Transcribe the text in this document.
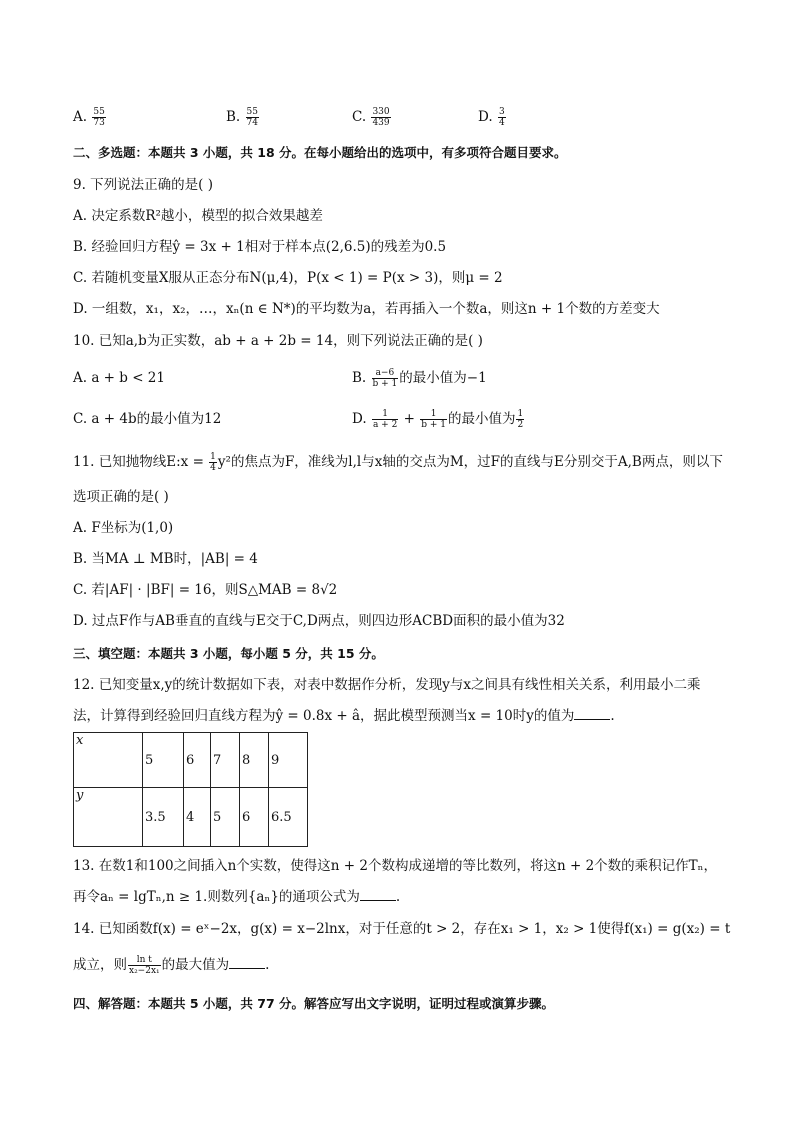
A. $\frac{55}{73}$	B. $\frac{55}{74}$	C. $\frac{330}{439}$	D. $\frac{3}{4}$
二、多选题：本题共 3 小题，共 18 分。在每小题给出的选项中，有多项符合题目要求。
9. 下列说法正确的是( )
A. 决定系数R²越小，模型的拟合效果越差
B. 经验回归方程ŷ = 3x + 1相对于样本点(2,6.5)的残差为0.5
C. 若随机变量X服从正态分布N(μ,4)，P(x < 1) = P(x > 3)，则μ = 2
D. 一组数，x₁，x₂，…，xₙ(n ∈ N*)的平均数为a，若再插入一个数a，则这n + 1个数的方差变大
10. 已知a,b为正实数，ab + a + 2b = 14，则下列说法正确的是( )
A. a + b < 21	B. $\frac{a-6}{b + 1}$ 的最小值为−1
C. a + 4b的最小值为12	D. $\frac{1}{a + 2} + \frac{1}{b + 1}$ 的最小值为 $\frac{1}{2}$
11. 已知抛物线E:x = $\frac{1}{4} y^2$的焦点为F，准线为l,l与x轴的交点为M，过F的直线与E分别交于A,B两点，则以下
选项正确的是( )
A. F坐标为(1,0)
B. 当MA ⊥ MB时，|AB| = 4
C. 若|AF| · |BF| = 16，则S△MAB = 8√2
D. 过点F作与AB垂直的直线与E交于C,D两点，则四边形ACBD面积的最小值为32
三、填空题：本题共 3 小题，每小题 5 分，共 15 分。
12. 已知变量x,y的统计数据如下表，对表中数据作分析，发现y与x之间具有线性相关关系，利用最小二乘
法，计算得到经验回归直线方程为ŷ = 0.8x + â，据此模型预测当x = 10时y的值为	.
x	5	6	7	8	9
y	3.5	4	5	6	6.5
13. 在数1和100之间插入n个实数，使得这n + 2个数构成递增的等比数列，将这n + 2个数的乘积记作Tₙ，
再令aₙ = lgTₙ,n ≥ 1.则数列{aₙ}的通项公式为	.
14. 已知函数f(x) = eˣ−2x，g(x) = x−2lnx，对于任意的t > 2，存在x₁ > 1，x₂ > 1使得f(x₁) = g(x₂) = t
成立，则 $\frac{\text{ln t}}{\text{x₂−2x₁}}$ 的最大值为	.
四、解答题：本题共 5 小题，共 77 分。解答应写出文字说明，证明过程或演算步骤。
